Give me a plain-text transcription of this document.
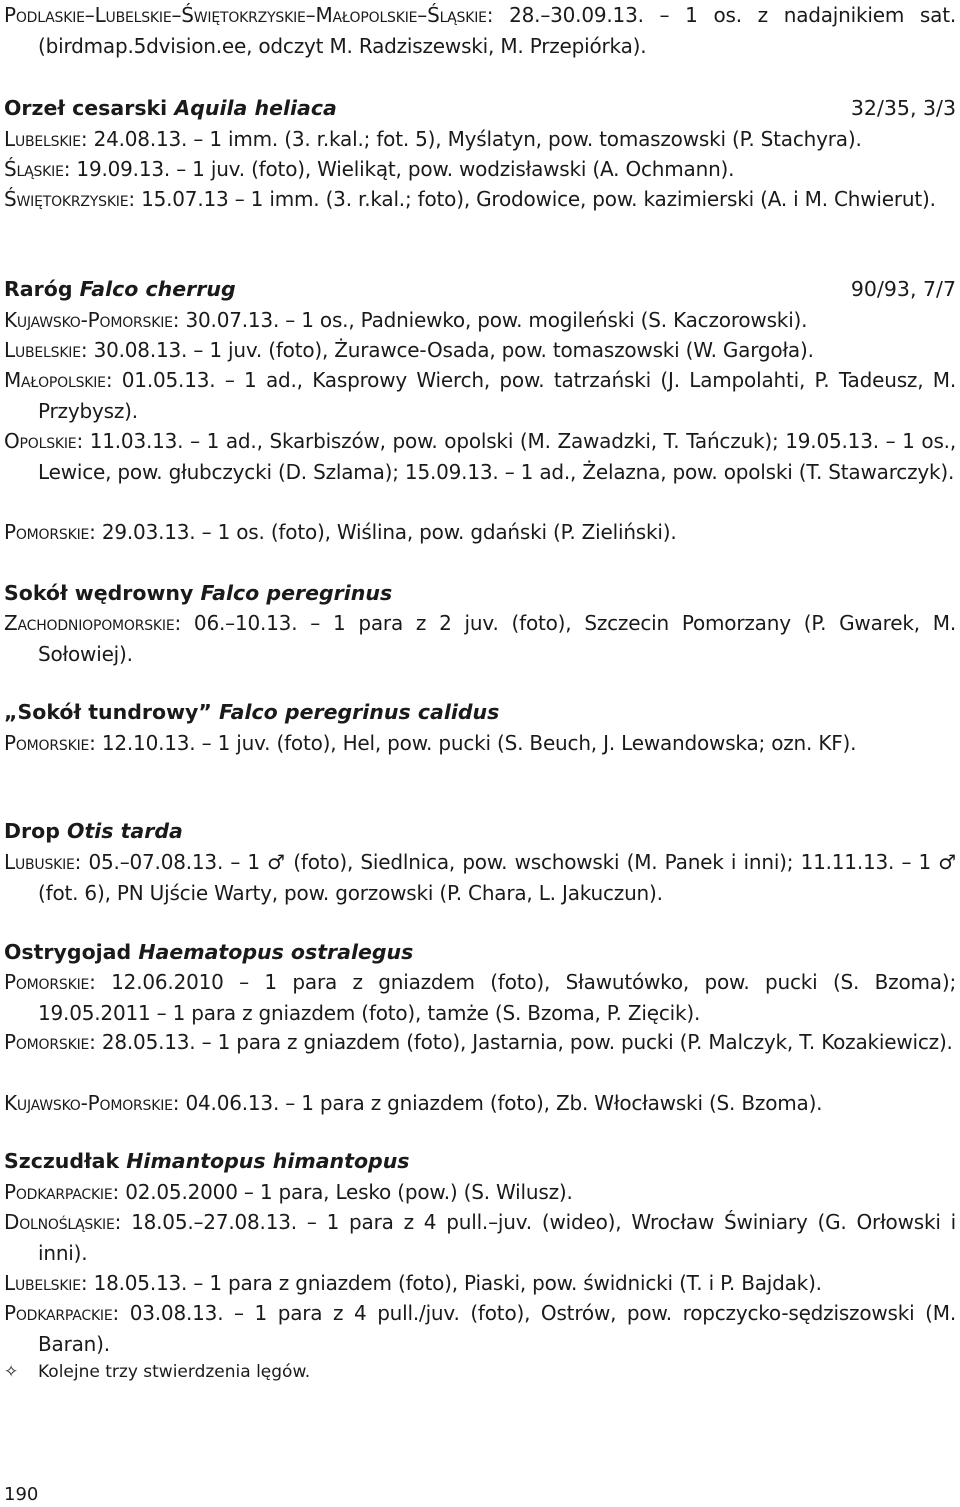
Podlaskie–Lubelskie–Świętokrzyskie–Małopolskie–Śląskie: 28.–30.09.13. – 1 os. z nadajnikiem sat. (birdmap.5dvision.ee, odczyt M. Radziszewski, M. Przepiórka).
Orzeł cesarski Aquila heliaca	32/35, 3/3
Lubelskie: 24.08.13. – 1 imm. (3. r.kal.; fot. 5), Myślatyn, pow. tomaszowski (P. Stachyra).
Śląskie: 19.09.13. – 1 juv. (foto), Wielikąt, pow. wodzisławski (A. Ochmann).
Świętokrzyskie: 15.07.13 – 1 imm. (3. r.kal.; foto), Grodowice, pow. kazimierski (A. i M. Chwierut).
Raróg Falco cherrug	90/93, 7/7
Kujawsko-Pomorskie: 30.07.13. – 1 os., Padniewko, pow. mogileński (S. Kaczorowski).
Lubelskie: 30.08.13. – 1 juv. (foto), Żurawce-Osada, pow. tomaszowski (W. Gargoła).
Małopolskie: 01.05.13. – 1 ad., Kasprowy Wierch, pow. tatrzański (J. Lampolahti, P. Tadeusz, M. Przybysz).
Opolskie: 11.03.13. – 1 ad., Skarbiszów, pow. opolski (M. Zawadzki, T. Tańczuk); 19.05.13. – 1 os., Lewice, pow. głubczycki (D. Szlama); 15.09.13. – 1 ad., Żelazna, pow. opolski (T. Stawarczyk).
Pomorskie: 29.03.13. – 1 os. (foto), Wiślina, pow. gdański (P. Zieliński).
Sokół wędrowny Falco peregrinus
Zachodniopomorskie: 06.–10.13. – 1 para z 2 juv. (foto), Szczecin Pomorzany (P. Gwarek, M. Sołowiej).
„Sokół tundrowy” Falco peregrinus calidus
Pomorskie: 12.10.13. – 1 juv. (foto), Hel, pow. pucki (S. Beuch, J. Lewandowska; ozn. KF).
Drop Otis tarda
Lubuskie: 05.–07.08.13. – 1 ♂ (foto), Siedlnica, pow. wschowski (M. Panek i inni); 11.11.13. – 1 ♂ (fot. 6), PN Ujście Warty, pow. gorzowski (P. Chara, L. Jakuczun).
Ostrygojad Haematopus ostralegus
Pomorskie: 12.06.2010 – 1 para z gniazdem (foto), Sławutówko, pow. pucki (S. Bzoma); 19.05.2011 – 1 para z gniazdem (foto), tamże (S. Bzoma, P. Zięcik).
Pomorskie: 28.05.13. – 1 para z gniazdem (foto), Jastarnia, pow. pucki (P. Malczyk, T. Kozakiewicz).
Kujawsko-Pomorskie: 04.06.13. – 1 para z gniazdem (foto), Zb. Włocławski (S. Bzoma).
Szczudłak Himantopus himantopus
Podkarpackie: 02.05.2000 – 1 para, Lesko (pow.) (S. Wilusz).
Dolnośląskie: 18.05.–27.08.13. – 1 para z 4 pull.–juv. (wideo), Wrocław Świniary (G. Orłowski i inni).
Lubelskie: 18.05.13. – 1 para z gniazdem (foto), Piaski, pow. świdnicki (T. i P. Bajdak).
Podkarpackie: 03.08.13. – 1 para z 4 pull./juv. (foto), Ostrów, pow. ropczycko-sędziszowski (M. Baran).
✧ Kolejne trzy stwierdzenia lęgów.
190
